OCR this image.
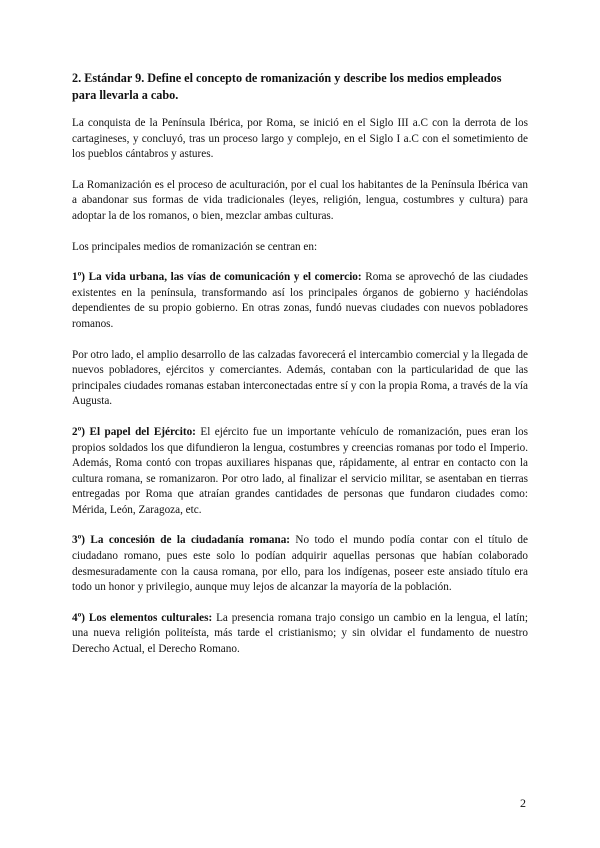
2. Estándar 9. Define el concepto de romanización y describe los medios empleados para llevarla a cabo.

La conquista de la Península Ibérica, por Roma, se inició en el Siglo III a.C con la derrota de los cartagineses, y concluyó, tras un proceso largo y complejo, en el Siglo I a.C con el sometimiento de los pueblos cántabros y astures.

La Romanización es el proceso de aculturación, por el cual los habitantes de la Península Ibérica van a abandonar sus formas de vida tradicionales (leyes, religión, lengua, costumbres y cultura) para adoptar la de los romanos, o bien, mezclar ambas culturas.

Los principales medios de romanización se centran en:

1º) La vida urbana, las vías de comunicación y el comercio: Roma se aprovechó de las ciudades existentes en la península, transformando así los principales órganos de gobierno y haciéndolas dependientes de su propio gobierno. En otras zonas, fundó nuevas ciudades con nuevos pobladores romanos.

Por otro lado, el amplio desarrollo de las calzadas favorecerá el intercambio comercial y la llegada de nuevos pobladores, ejércitos y comerciantes. Además, contaban con la particularidad de que las principales ciudades romanas estaban interconectadas entre sí y con la propia Roma, a través de la vía Augusta.

2º) El papel del Ejército: El ejército fue un importante vehículo de romanización, pues eran los propios soldados los que difundieron la lengua, costumbres y creencias romanas por todo el Imperio. Además, Roma contó con tropas auxiliares hispanas que, rápidamente, al entrar en contacto con la cultura romana, se romanizaron. Por otro lado, al finalizar el servicio militar, se asentaban en tierras entregadas por Roma que atraían grandes cantidades de personas que fundaron ciudades como: Mérida, León, Zaragoza, etc.

3º) La concesión de la ciudadanía romana: No todo el mundo podía contar con el título de ciudadano romano, pues este solo lo podían adquirir aquellas personas que habían colaborado desmesuradamente con la causa romana, por ello, para los indígenas, poseer este ansiado título era todo un honor y privilegio, aunque muy lejos de alcanzar la mayoría de la población.

4º) Los elementos culturales: La presencia romana trajo consigo un cambio en la lengua, el latín; una nueva religión politeísta, más tarde el cristianismo; y sin olvidar el fundamento de nuestro Derecho Actual, el Derecho Romano.

2
